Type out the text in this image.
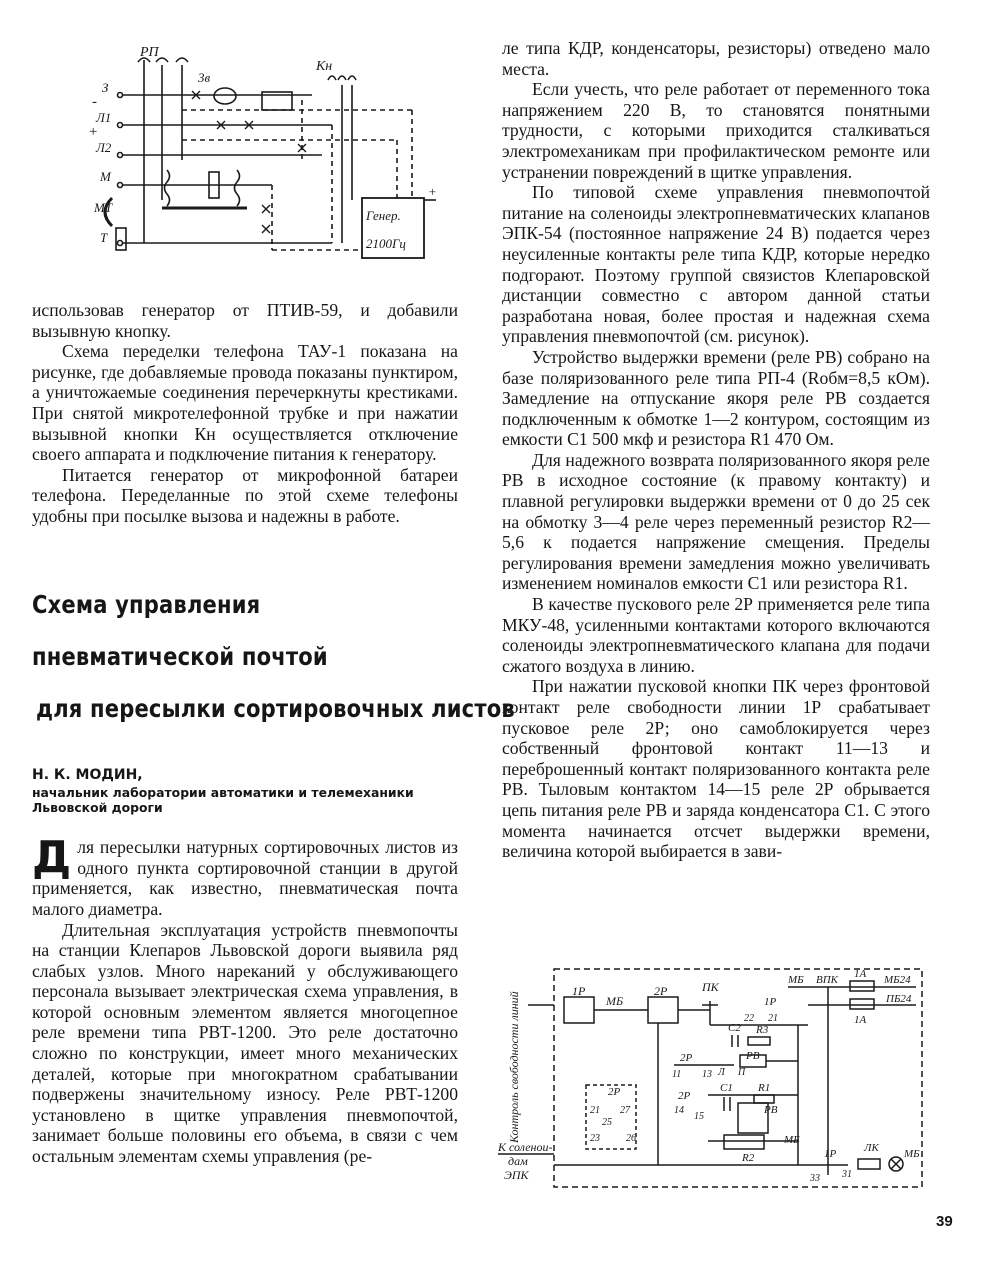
РП
Кн
3в
З
-
Л1
+
Л2
М
МТ
Т
Генер.
2100Гц
+

использовав генератор от ПТИВ-59, и добавили вызывную кнопку.

Схема переделки телефона ТАУ-1 показана на рисунке, где добавляемые провода показаны пунктиром, а уничтожаемые соединения перечеркнуты крестиками. При снятой микротелефонной трубке и при нажатии вызывной кнопки Кн осуществляется отключение своего аппарата и подключение питания к генератору.

Питается генератор от микрофонной батареи телефона. Переделанные по этой схеме телефоны удобны при посылке вызова и надежны в работе.

Схема управления

пневматической почтой

для пересылки сортировочных листов

Н. К. МОДИН,

начальник лаборатории автоматики и телемеханики
Львовской дороги

Д ля пересылки натурных сортировочных листов из одного пункта сортировочной станции в другой применяется, как известно, пневматическая почта малого диаметра.

Длительная эксплуатация устройств пневмопочты на станции Клепаров Львовской дороги выявила ряд слабых узлов. Много нареканий у обслуживающего персонала вызывает электрическая схема управления, в которой основным элементом является многоцепное реле времени типа РВТ-1200. Это реле достаточно сложно по конструкции, имеет много механических деталей, которые при многократном срабатывании подвержены значительному износу. Реле РВТ-1200 установлено в щитке управления пневмопочтой, занимает больше половины его объема, в связи с чем остальным элементам схемы управления (ре-

ле типа КДР, конденсаторы, резисторы) отведено мало места.

Если учесть, что реле работает от переменного тока напряжением 220 В, то становятся понятными трудности, с которыми приходится сталкиваться электромеханикам при профилактическом ремонте или устранении повреждений в щитке управления.

По типовой схеме управления пневмопочтой питание на соленоиды электропневматических клапанов ЭПК-54 (постоянное напряжение 24 В) подается через неусиленные контакты реле типа КДР, которые нередко подгорают. Поэтому группой связистов Клепаровской дистанции совместно с автором данной статьи разработана новая, более простая и надежная схема управления пневмопочтой (см. рисунок).

Устройство выдержки времени (реле РВ) собрано на базе поляризованного реле типа РП-4 (Rобм=8,5 кОм). Замедление на отпускание якоря реле РВ создается подключенным к обмотке 1—2 контуром, состоящим из емкости С1 500 мкф и резистора R1 470 Ом.

Для надежного возврата поляризованного якоря реле РВ в исходное состояние (к правому контакту) и плавной регулировки выдержки времени от 0 до 25 сек на обмотку 3—4 реле через переменный резистор R2—5,6 к подается напряжение смещения. Пределы регулирования времени замедления можно увеличивать изменением номиналов емкости С1 или резистора R1.

В качестве пускового реле 2Р применяется реле типа МКУ-48, усиленными контактами которого включаются соленоиды электропневматического клапана для подачи сжатого воздуха в линию.

При нажатии пусковой кнопки ПК через фронтовой контакт реле свободности линии 1Р срабатывает пусковое реле 2Р; оно самоблокируется через собственный фронтовой контакт 11—13 и переброшенный контакт поляризованного контакта реле РВ. Тыловым контактом 14—15 реле 2Р обрывается цепь питания реле РВ и заряда конденсатора С1. С этого момента начинается отсчет выдержки времени, величина которой выбирается в зави-

Контроль свободности линий
К соленои-
дам
ЭПК
1Р
МБ
2Р	ПК
1Р
22 21
МБ ВПК 1А МБ24
ПБ24
1А
С2 R3
2Р
11 13 Л П
РВ
2Р
21 27
25
23	26
2Р
14
15
С1 R1
РВ
R2
МБ
1Р
33 31
ЛК МБ
39
